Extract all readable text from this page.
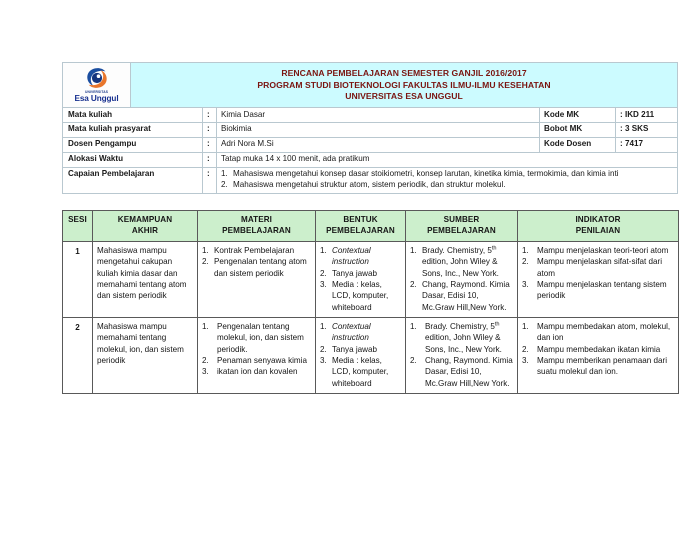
UNIVERSITAS
Esa Unggul
RENCANA PEMBELAJARAN SEMESTER GANJIL 2016/2017
PROGRAM STUDI BIOTEKNOLOGI FAKULTAS ILMU-ILMU KESEHATAN
UNIVERSITAS ESA UNGGUL
Mata kuliah	:	Kimia Dasar	Kode MK	: IKD 211
Mata kuliah prasyarat	:	Biokimia	Bobot MK	: 3 SKS
Dosen Pengampu	:	Adri Nora M.Si	Kode Dosen	: 7417
Alokasi Waktu	:	Tatap muka 14 x 100 menit, ada pratikum		
Capaian Pembelajaran	:	1. Mahasiswa mengetahui konsep dasar stoikiometri, konsep larutan, kinetika kimia, termokimia, dan kimia inti
2. Mahasiswa mengetahui struktur atom, sistem periodik, dan struktur molekul.		
SESI	KEMAMPUAN
AKHIR

MATERI
PEMBELAJARAN

BENTUK
PEMBELAJARAN

SUMBER
PEMBELAJARAN

INDIKATOR
PENILAIAN

1	Mahasiswa mampu mengetahui cakupan kuliah kimia dasar dan memahami tentang atom dan sistem periodik	
1. Kontrak Pembelajaran
2. Pengenalan tentang atom dan sistem periodik

1. Contextual instruction
2. Tanya jawab
3. Media : kelas, LCD, komputer, whiteboard

1. Brady. Chemistry, 5th edition, John Wiley & Sons, Inc., New York.
2. Chang, Raymond. Kimia Dasar, Edisi 10, Mc.Graw Hill,New York.

1.	Mampu menjelaskan teori-teori atom
2.	Mampu menjelaskan sifat-sifat dari atom
3.	Mampu menjelaskan tentang sistem periodik

2	Mahasiswa mampu memahami tentang molekul, ion, dan sistem periodik	
1.	Pengenalan tentang molekul, ion, dan sistem periodik.
2.	Penaman senyawa kimia
3.	ikatan ion dan kovalen

1. Contextual instruction
2. Tanya jawab
3. Media : kelas, LCD, komputer, whiteboard

1.	Brady. Chemistry, 5th edition, John Wiley & Sons, Inc., New York.
2.	Chang, Raymond. Kimia Dasar, Edisi 10, Mc.Graw Hill,New York.

1.	Mampu membedakan atom, molekul, dan ion
2.	Mampu membedakan ikatan kimia
3.	Mampu memberikan penamaan dari suatu molekul dan ion.
